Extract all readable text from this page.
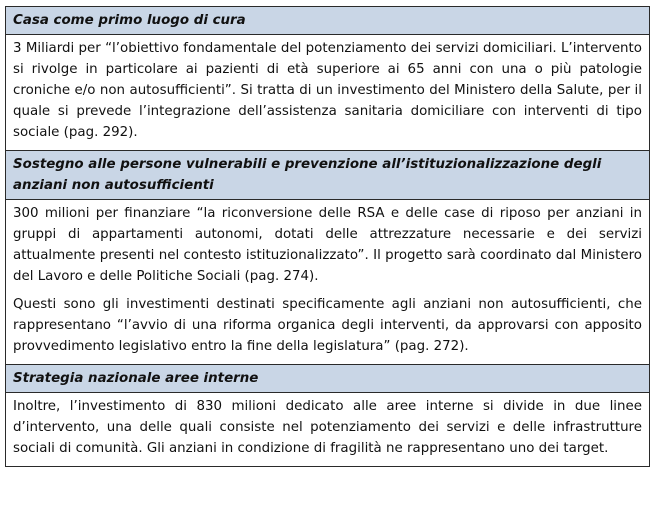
Casa come primo luogo di cura

3 Miliardi per “l’obiettivo fondamentale del potenziamento dei servizi domiciliari. L’intervento si rivolge in particolare ai pazienti di età superiore ai 65 anni con una o più patologie croniche e/o non autosufficienti”. Si tratta di un investimento del Ministero della Salute, per il quale si prevede l’integrazione dell’assistenza sanitaria domiciliare con interventi di tipo sociale (pag. 292).

Sostegno alle persone vulnerabili e prevenzione all’istituzionalizzazione degli anziani non autosufficienti

300 milioni per finanziare “la riconversione delle RSA e delle case di riposo per anziani in gruppi di appartamenti autonomi, dotati delle attrezzature necessarie e dei servizi attualmente presenti nel contesto istituzionalizzato”. Il progetto sarà coordinato dal Ministero del Lavoro e delle Politiche Sociali (pag. 274).

Questi sono gli investimenti destinati specificamente agli anziani non autosufficienti, che rappresentano “l’avvio di una riforma organica degli interventi, da approvarsi con apposito provvedimento legislativo entro la fine della legislatura” (pag. 272).

Strategia nazionale aree interne

Inoltre, l’investimento di 830 milioni dedicato alle aree interne si divide in due linee d’intervento, una delle quali consiste nel potenziamento dei servizi e delle infrastrutture sociali di comunità. Gli anziani in condizione di fragilità ne rappresentano uno dei target.
